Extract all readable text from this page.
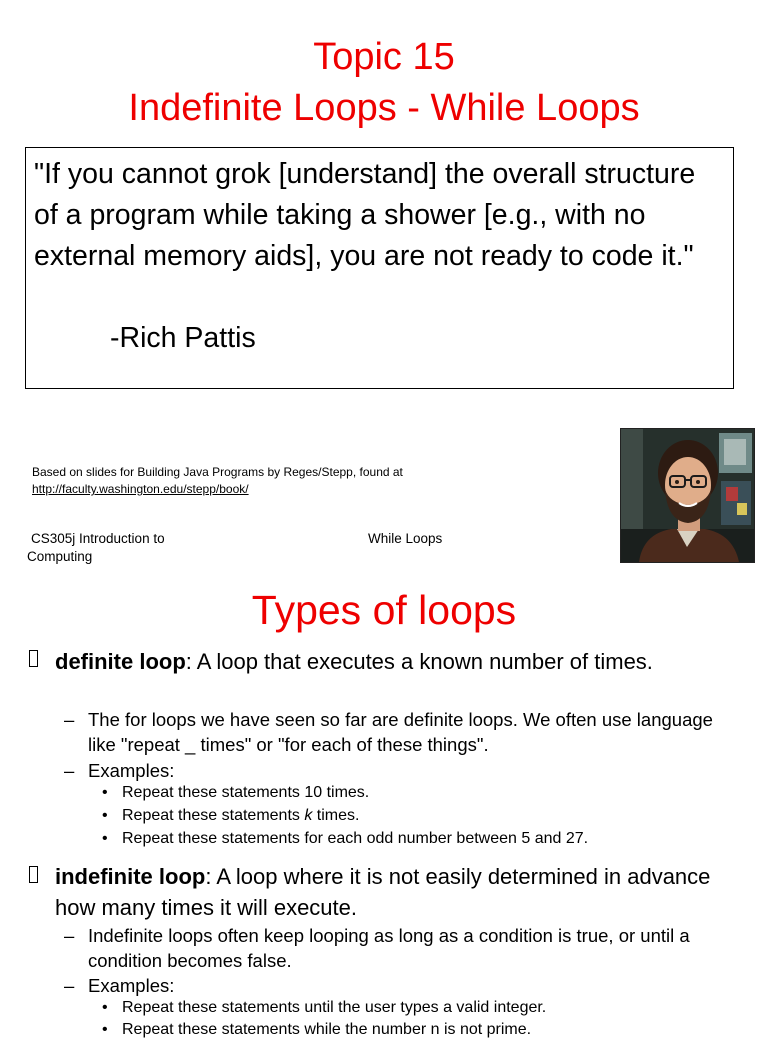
Topic 15
Indefinite Loops - While Loops

"If you cannot grok [understand] the overall structure of a program while taking a shower [e.g., with no external memory aids], you are not ready to code it."

-Rich Pattis

Based on slides for Building Java Programs by Reges/Stepp, found at
http://faculty.washington.edu/stepp/book/
CS305j Introduction to Computing
While Loops
Types of loops

definite loop: A loop that executes a known number of times.

– The for loops we have seen so far are definite loops. We often use language like "repeat _ times" or "for each of these things".
– Examples:
• Repeat these statements 10 times.
• Repeat these statements k times.
• Repeat these statements for each odd number between 5 and 27.

indefinite loop: A loop where it is not easily determined in advance how many times it will execute.

– Indefinite loops often keep looping as long as a condition is true, or until a condition becomes false.
– Examples:
• Repeat these statements until the user types a valid integer.
• Repeat these statements while the number n is not prime.
